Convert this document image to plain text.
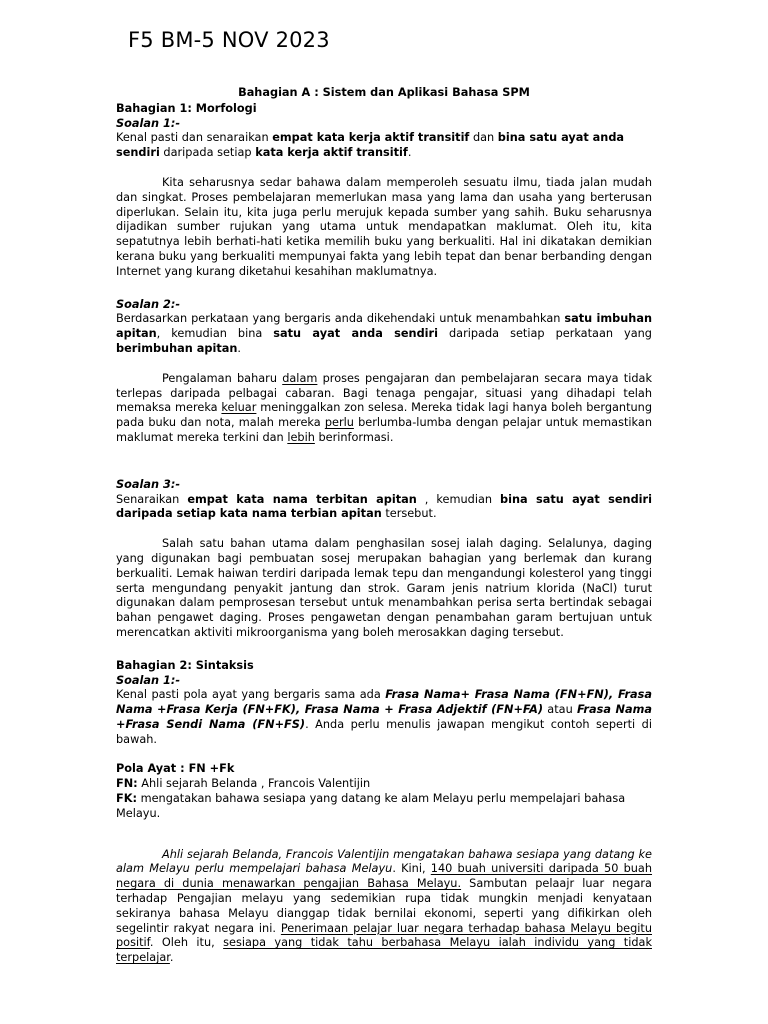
F5 BM-5 NOV 2023

Bahagian A : Sistem dan Aplikasi Bahasa SPM

Bahagian 1: Morfologi

Soalan 1:-

Kenal pasti dan senaraikan empat kata kerja aktif transitif dan bina satu ayat anda sendiri daripada setiap kata kerja aktif transitif.

Kita seharusnya sedar bahawa dalam memperoleh sesuatu ilmu, tiada jalan mudah dan singkat. Proses pembelajaran memerlukan masa yang lama dan usaha yang berterusan diperlukan. Selain itu, kita juga perlu merujuk kepada sumber yang sahih. Buku seharusnya dijadikan sumber rujukan yang utama untuk mendapatkan maklumat. Oleh itu, kita sepatutnya lebih berhati-hati ketika memilih buku yang berkualiti. Hal ini dikatakan demikian kerana buku yang berkualiti mempunyai fakta yang lebih tepat dan benar berbanding dengan Internet yang kurang diketahui kesahihan maklumatnya.

Soalan 2:-

Berdasarkan perkataan yang bergaris anda dikehendaki untuk menambahkan satu imbuhan apitan, kemudian bina satu ayat anda sendiri daripada setiap perkataan yang berimbuhan apitan.

Pengalaman baharu dalam proses pengajaran dan pembelajaran secara maya tidak terlepas daripada pelbagai cabaran. Bagi tenaga pengajar, situasi yang dihadapi telah memaksa mereka keluar meninggalkan zon selesa. Mereka tidak lagi hanya boleh bergantung pada buku dan nota, malah mereka perlu berlumba-lumba dengan pelajar untuk memastikan maklumat mereka terkini dan lebih berinformasi.

Soalan 3:-

Senaraikan empat kata nama terbitan apitan , kemudian bina satu ayat sendiri daripada setiap kata nama terbian apitan tersebut.

Salah satu bahan utama dalam penghasilan sosej ialah daging. Selalunya, daging yang digunakan bagi pembuatan sosej merupakan bahagian yang berlemak dan kurang berkualiti. Lemak haiwan terdiri daripada lemak tepu dan mengandungi kolesterol yang tinggi serta mengundang penyakit jantung dan strok. Garam jenis natrium klorida (NaCl) turut digunakan dalam pemprosesan tersebut untuk menambahkan perisa serta bertindak sebagai bahan pengawet daging. Proses pengawetan dengan penambahan garam bertujuan untuk merencatkan aktiviti mikroorganisma yang boleh merosakkan daging tersebut.

Bahagian 2: Sintaksis

Soalan 1:-

Kenal pasti pola ayat yang bergaris sama ada Frasa Nama+ Frasa Nama (FN+FN), Frasa Nama +Frasa Kerja (FN+FK), Frasa Nama + Frasa Adjektif (FN+FA) atau Frasa Nama +Frasa Sendi Nama (FN+FS). Anda perlu menulis jawapan mengikut contoh seperti di bawah.

Pola Ayat : FN +Fk

FN: Ahli sejarah Belanda , Francois Valentijin

FK: mengatakan bahawa sesiapa yang datang ke alam Melayu perlu mempelajari bahasa Melayu.

Ahli sejarah Belanda, Francois Valentijin mengatakan bahawa sesiapa yang datang ke alam Melayu perlu mempelajari bahasa Melayu. Kini, 140 buah universiti daripada 50 buah negara di dunia menawarkan pengajian Bahasa Melayu. Sambutan pelaajr luar negara terhadap Pengajian melayu yang sedemikian rupa tidak mungkin menjadi kenyataan sekiranya bahasa Melayu dianggap tidak bernilai ekonomi, seperti yang difikirkan oleh segelintir rakyat negara ini. Penerimaan pelajar luar negara terhadap bahasa Melayu begitu positif. Oleh itu, sesiapa yang tidak tahu berbahasa Melayu ialah individu yang tidak terpelajar.
